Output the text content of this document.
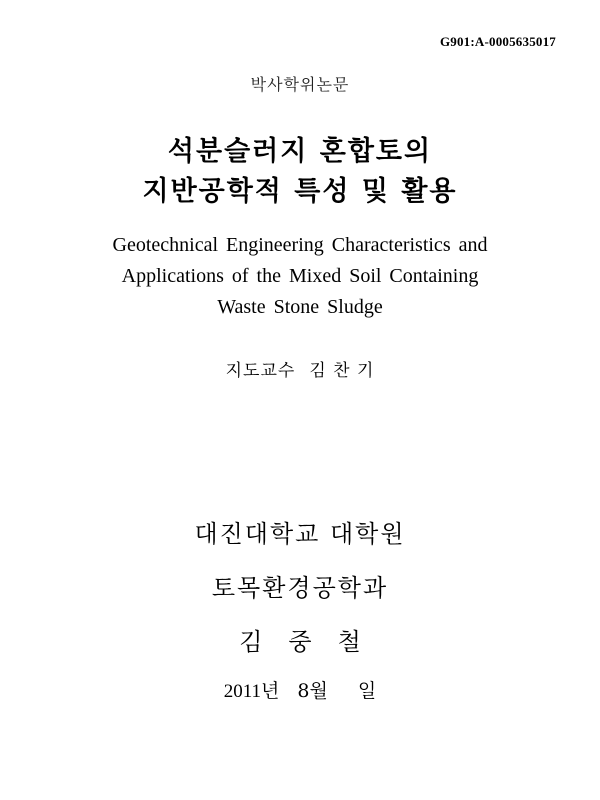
G901:A-0005635017
박사학위논문
석분슬러지 혼합토의
지반공학적 특성 및 활용
Geotechnical Engineering Characteristics and
Applications of the Mixed Soil Containing
Waste Stone Sludge
지도교수 김 찬 기
대진대학교 대학원
토목환경공학과
김 중 철
2011년 8월 일
